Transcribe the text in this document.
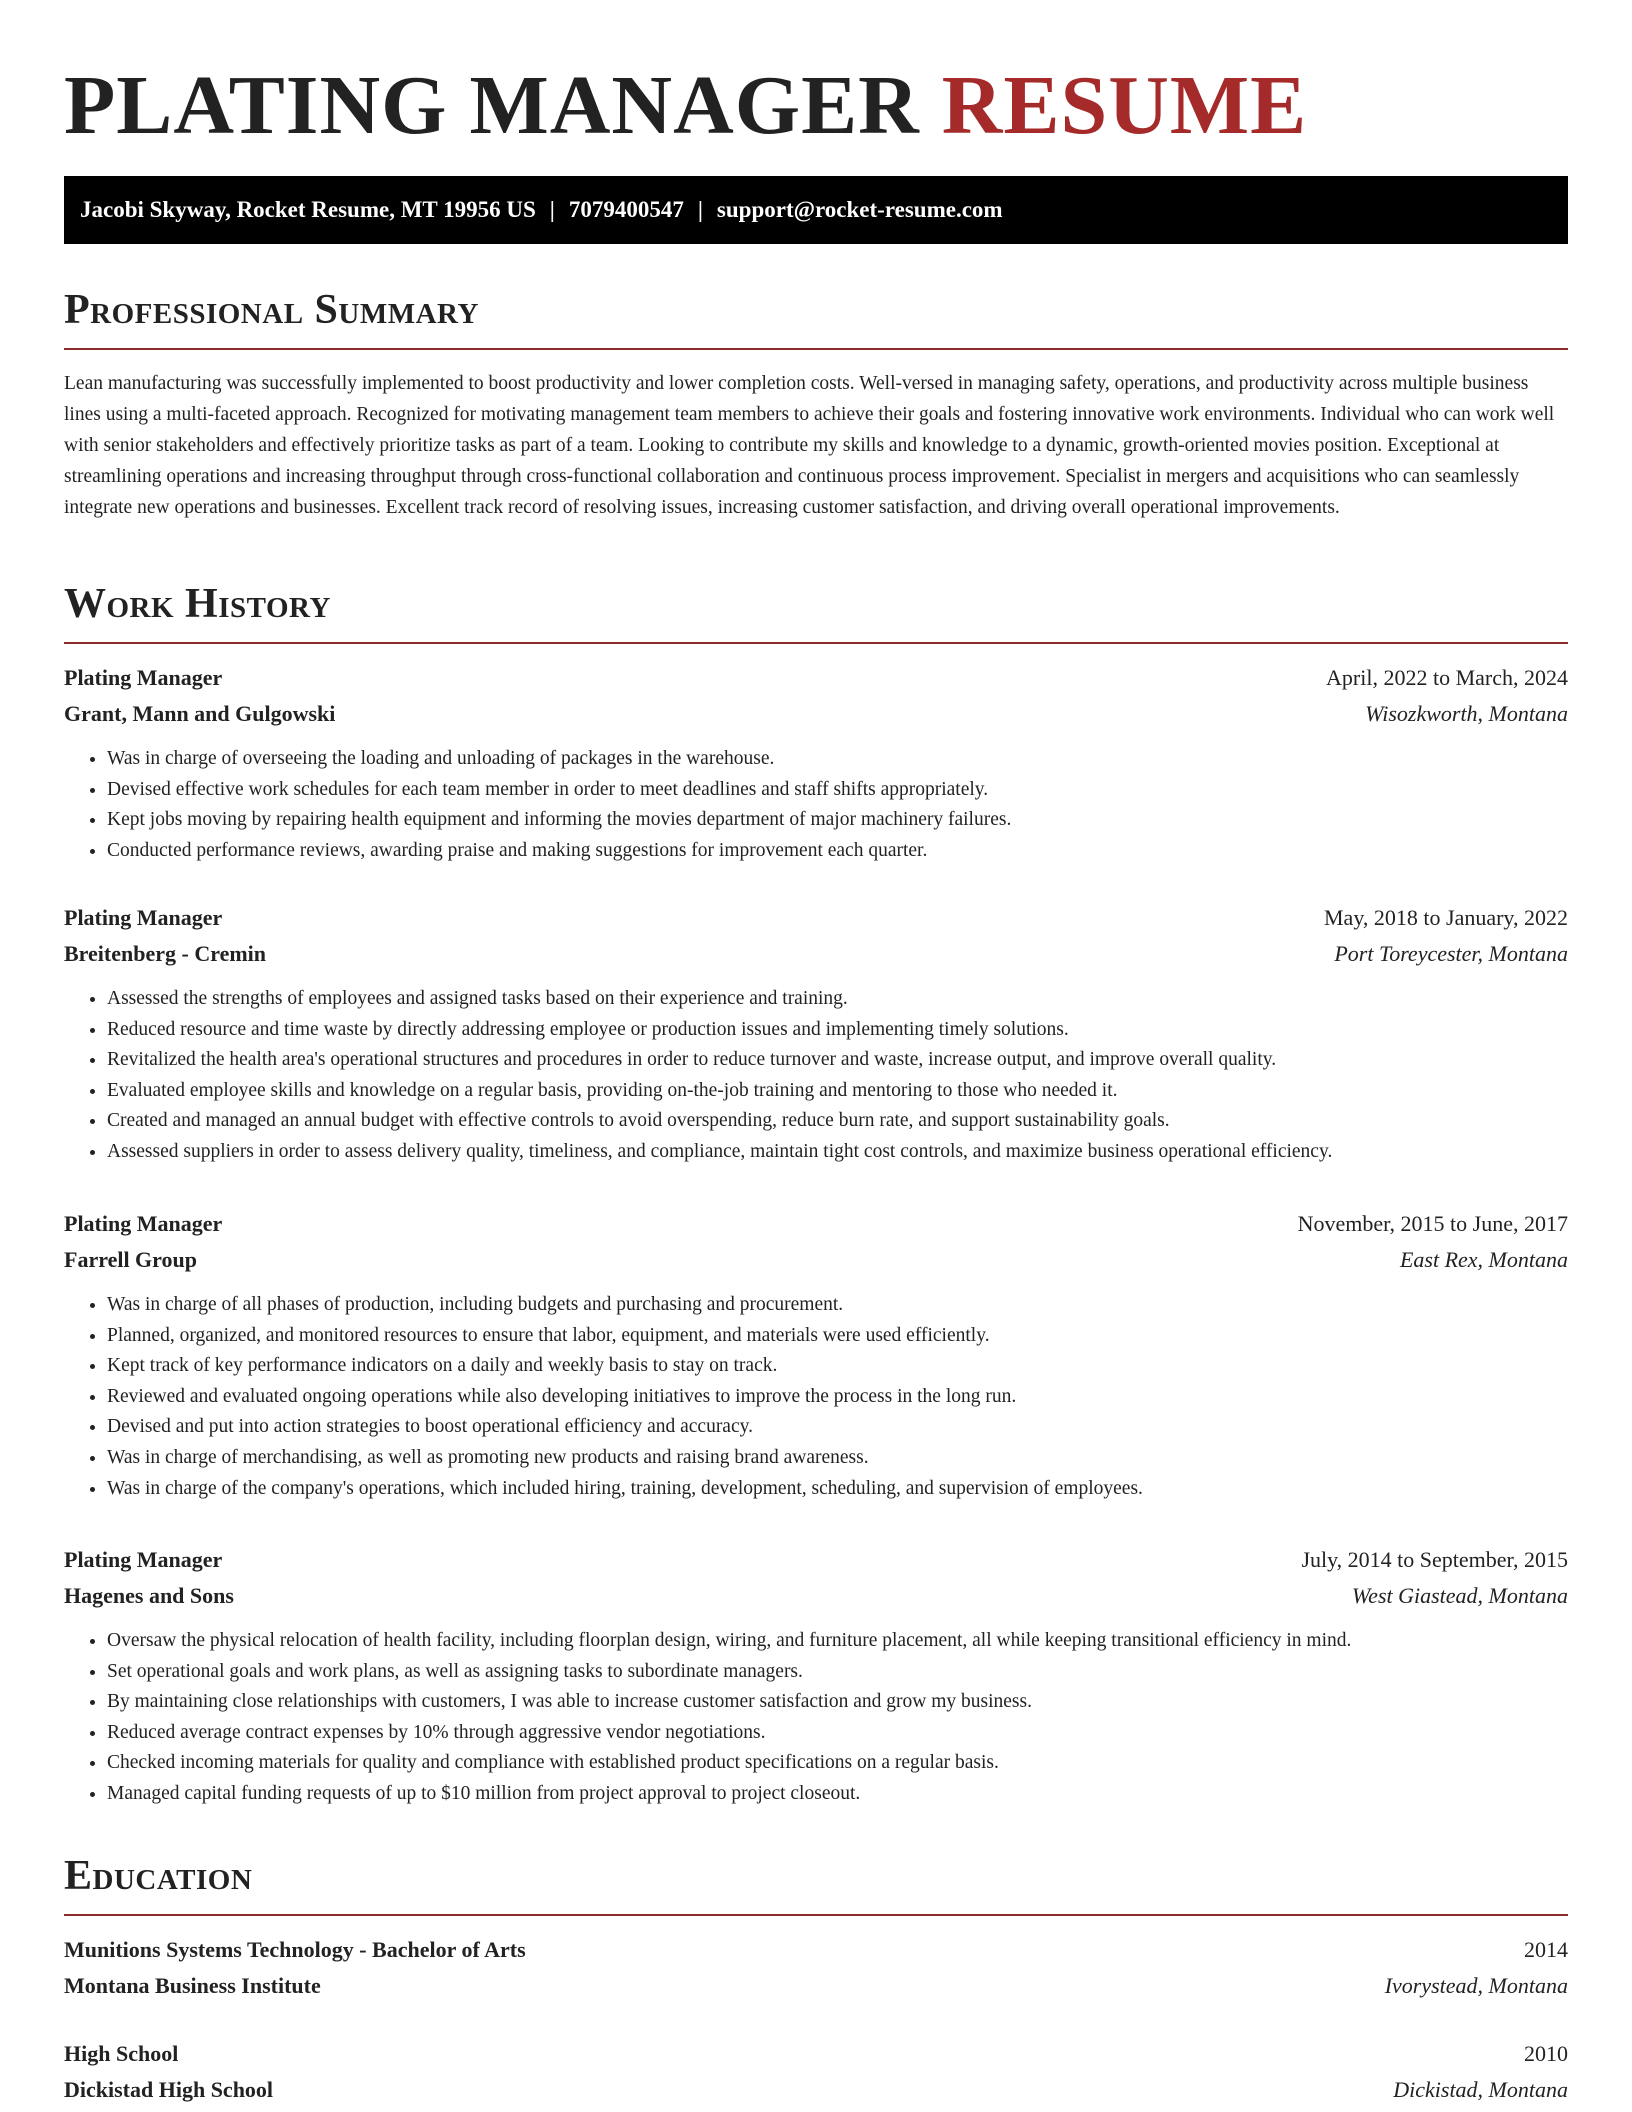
PLATING MANAGER RESUME
Jacobi Skyway, Rocket Resume, MT 19956 US | 7079400547 | support@rocket-resume.com
Professional Summary

Lean manufacturing was successfully implemented to boost productivity and lower completion costs. Well-versed in managing safety, operations, and productivity across multiple business lines using a multi-faceted approach. Recognized for motivating management team members to achieve their goals and fostering innovative work environments. Individual who can work well with senior stakeholders and effectively prioritize tasks as part of a team. Looking to contribute my skills and knowledge to a dynamic, growth-oriented movies position. Exceptional at streamlining operations and increasing throughput through cross-functional collaboration and continuous process improvement. Specialist in mergers and acquisitions who can seamlessly integrate new operations and businesses. Excellent track record of resolving issues, increasing customer satisfaction, and driving overall operational improvements.

Work History
Plating Manager	April, 2022 to March, 2024
Grant, Mann and Gulgowski	Wisozkworth, Montana
• Was in charge of overseeing the loading and unloading of packages in the warehouse.
• Devised effective work schedules for each team member in order to meet deadlines and staff shifts appropriately.
• Kept jobs moving by repairing health equipment and informing the movies department of major machinery failures.
• Conducted performance reviews, awarding praise and making suggestions for improvement each quarter.
Plating Manager	May, 2018 to January, 2022
Breitenberg - Cremin	Port Toreycester, Montana
• Assessed the strengths of employees and assigned tasks based on their experience and training.
• Reduced resource and time waste by directly addressing employee or production issues and implementing timely solutions.
• Revitalized the health area's operational structures and procedures in order to reduce turnover and waste, increase output, and improve overall quality.
• Evaluated employee skills and knowledge on a regular basis, providing on-the-job training and mentoring to those who needed it.
• Created and managed an annual budget with effective controls to avoid overspending, reduce burn rate, and support sustainability goals.
• Assessed suppliers in order to assess delivery quality, timeliness, and compliance, maintain tight cost controls, and maximize business operational efficiency.
Plating Manager	November, 2015 to June, 2017
Farrell Group	East Rex, Montana
• Was in charge of all phases of production, including budgets and purchasing and procurement.
• Planned, organized, and monitored resources to ensure that labor, equipment, and materials were used efficiently.
• Kept track of key performance indicators on a daily and weekly basis to stay on track.
• Reviewed and evaluated ongoing operations while also developing initiatives to improve the process in the long run.
• Devised and put into action strategies to boost operational efficiency and accuracy.
• Was in charge of merchandising, as well as promoting new products and raising brand awareness.
• Was in charge of the company's operations, which included hiring, training, development, scheduling, and supervision of employees.
Plating Manager	July, 2014 to September, 2015
Hagenes and Sons	West Giastead, Montana
• Oversaw the physical relocation of health facility, including floorplan design, wiring, and furniture placement, all while keeping transitional efficiency in mind.
• Set operational goals and work plans, as well as assigning tasks to subordinate managers.
• By maintaining close relationships with customers, I was able to increase customer satisfaction and grow my business.
• Reduced average contract expenses by 10% through aggressive vendor negotiations.
• Checked incoming materials for quality and compliance with established product specifications on a regular basis.
• Managed capital funding requests of up to $10 million from project approval to project closeout.
Education
Munitions Systems Technology - Bachelor of Arts	2014
Montana Business Institute	Ivorystead, Montana
High School	2010
Dickistad High School	Dickistad, Montana
